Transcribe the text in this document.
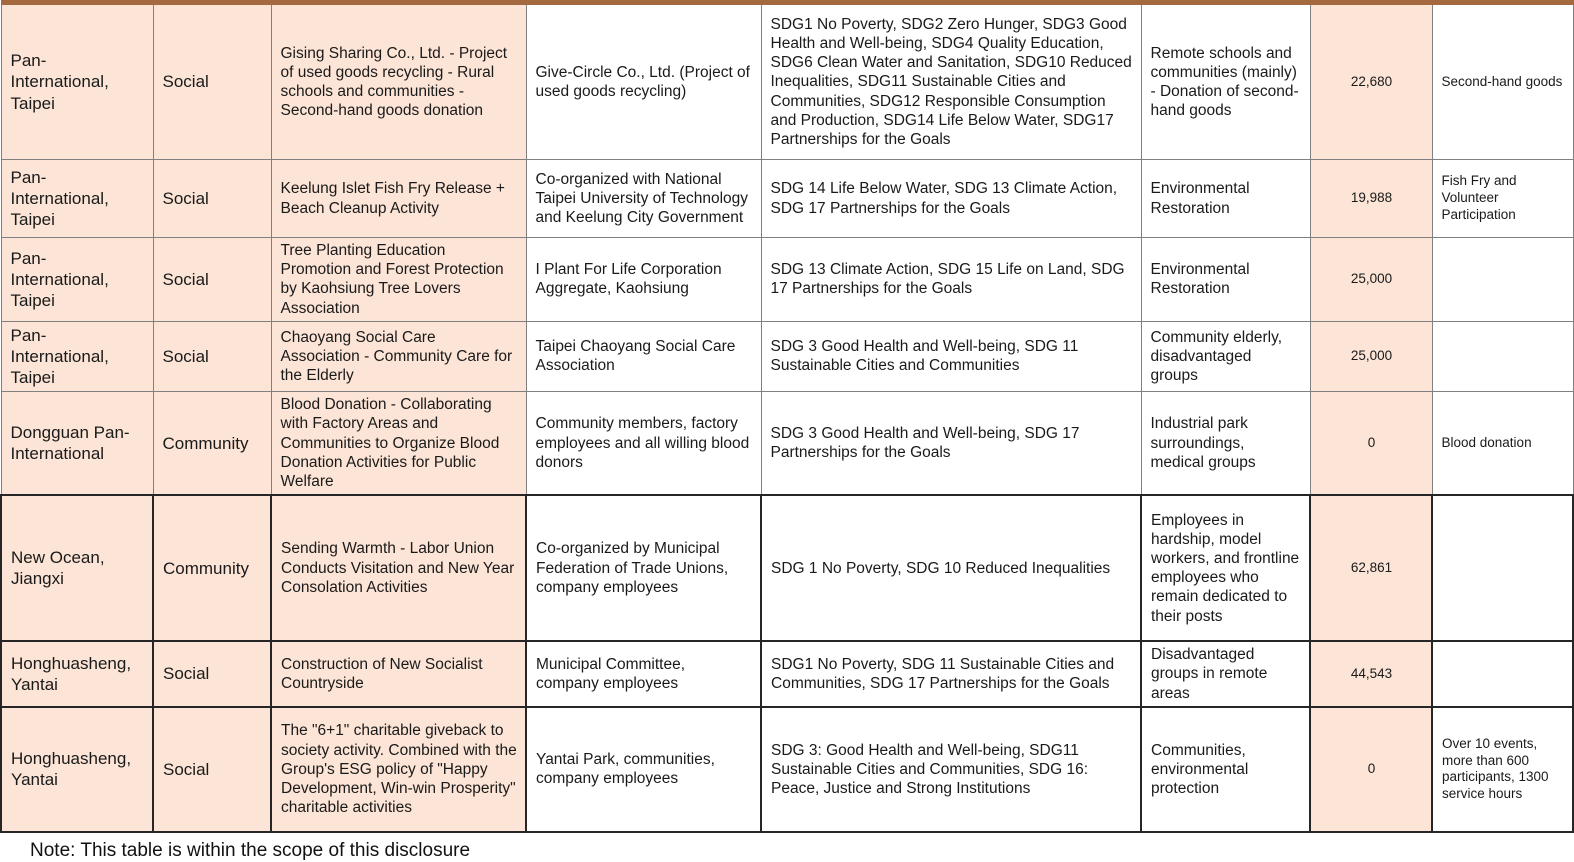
Pan-International, Taipei	Social	Gising Sharing Co., Ltd. - Project of used goods recycling - Rural schools and communities - Second-hand goods donation	Give-Circle Co., Ltd. (Project of used goods recycling)	SDG1 No Poverty, SDG2 Zero Hunger, SDG3 Good Health and Well-being, SDG4 Quality Education, SDG6 Clean Water and Sanitation, SDG10 Reduced Inequalities, SDG11 Sustainable Cities and Communities, SDG12 Responsible Consumption and Production, SDG14 Life Below Water, SDG17 Partnerships for the Goals	Remote schools and communities (mainly) - Donation of second-hand goods	22,680	Second-hand goods
Pan-International, Taipei	Social	Keelung Islet Fish Fry Release + Beach Cleanup Activity	Co-organized with National Taipei University of Technology and Keelung City Government	SDG 14 Life Below Water, SDG 13 Climate Action, SDG 17 Partnerships for the Goals	Environmental Restoration	19,988	Fish Fry and Volunteer Participation
Pan-International, Taipei	Social	Tree Planting Education Promotion and Forest Protection by Kaohsiung Tree Lovers Association	I Plant For Life Corporation Aggregate, Kaohsiung	SDG 13 Climate Action, SDG 15 Life on Land, SDG 17 Partnerships for the Goals	Environmental Restoration	25,000	
Pan-International, Taipei	Social	Chaoyang Social Care Association - Community Care for the Elderly	Taipei Chaoyang Social Care Association	SDG 3 Good Health and Well-being, SDG 11 Sustainable Cities and Communities	Community elderly, disadvantaged groups	25,000	
Dongguan Pan-International	Community	Blood Donation - Collaborating with Factory Areas and Communities to Organize Blood Donation Activities for Public Welfare	Community members, factory employees and all willing blood donors	SDG 3 Good Health and Well-being, SDG 17 Partnerships for the Goals	Industrial park surroundings, medical groups	0	Blood donation
New Ocean, Jiangxi	Community	Sending Warmth - Labor Union Conducts Visitation and New Year Consolation Activities	Co-organized by Municipal Federation of Trade Unions, company employees	SDG 1 No Poverty, SDG 10 Reduced Inequalities	Employees in hardship, model workers, and frontline employees who remain dedicated to their posts	62,861	
Honghuasheng, Yantai	Social	Construction of New Socialist Countryside	Municipal Committee, company employees	SDG1 No Poverty, SDG 11 Sustainable Cities and Communities, SDG 17 Partnerships for the Goals	Disadvantaged groups in remote areas	44,543	
Honghuasheng, Yantai	Social	The "6+1" charitable giveback to society activity. Combined with the Group's ESG policy of "Happy Development, Win-win Prosperity" charitable activities	Yantai Park, communities, company employees	SDG 3: Good Health and Well-being, SDG11 Sustainable Cities and Communities, SDG 16: Peace, Justice and Strong Institutions	Communities, environmental protection	0	Over 10 events, more than 600 participants, 1300 service hours
Note: This table is within the scope of this disclosure
